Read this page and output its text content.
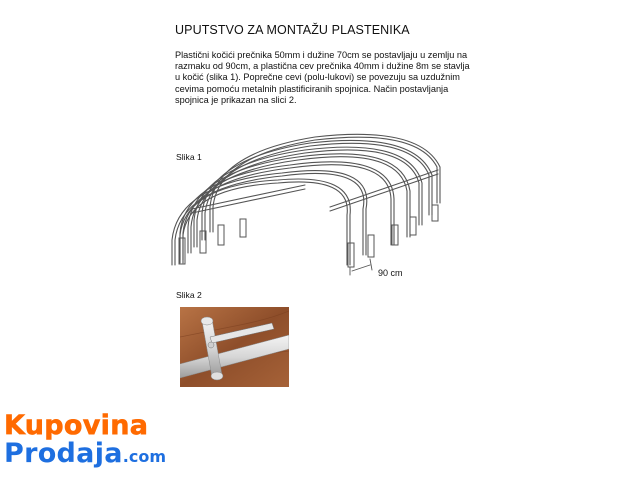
UPUTSTVO ZA MONTAŽU PLASTENIKA
Plastični kočići prečnika 50mm i dužine 70cm se postavljaju u zemlju na
razmaku od 90cm, a plastična cev prečnika 40mm i dužine 8m se stavlja
u kočić (slika 1). Poprečne cevi (polu-lukovi) se povezuju sa uzdužnim
cevima pomoću metalnih plastificiranih spojnica. Način postavljanja
spojnica je prikazan na slici 2.
Slika 1
90 cm
Slika 2
Kupovina
Prodaja.com
